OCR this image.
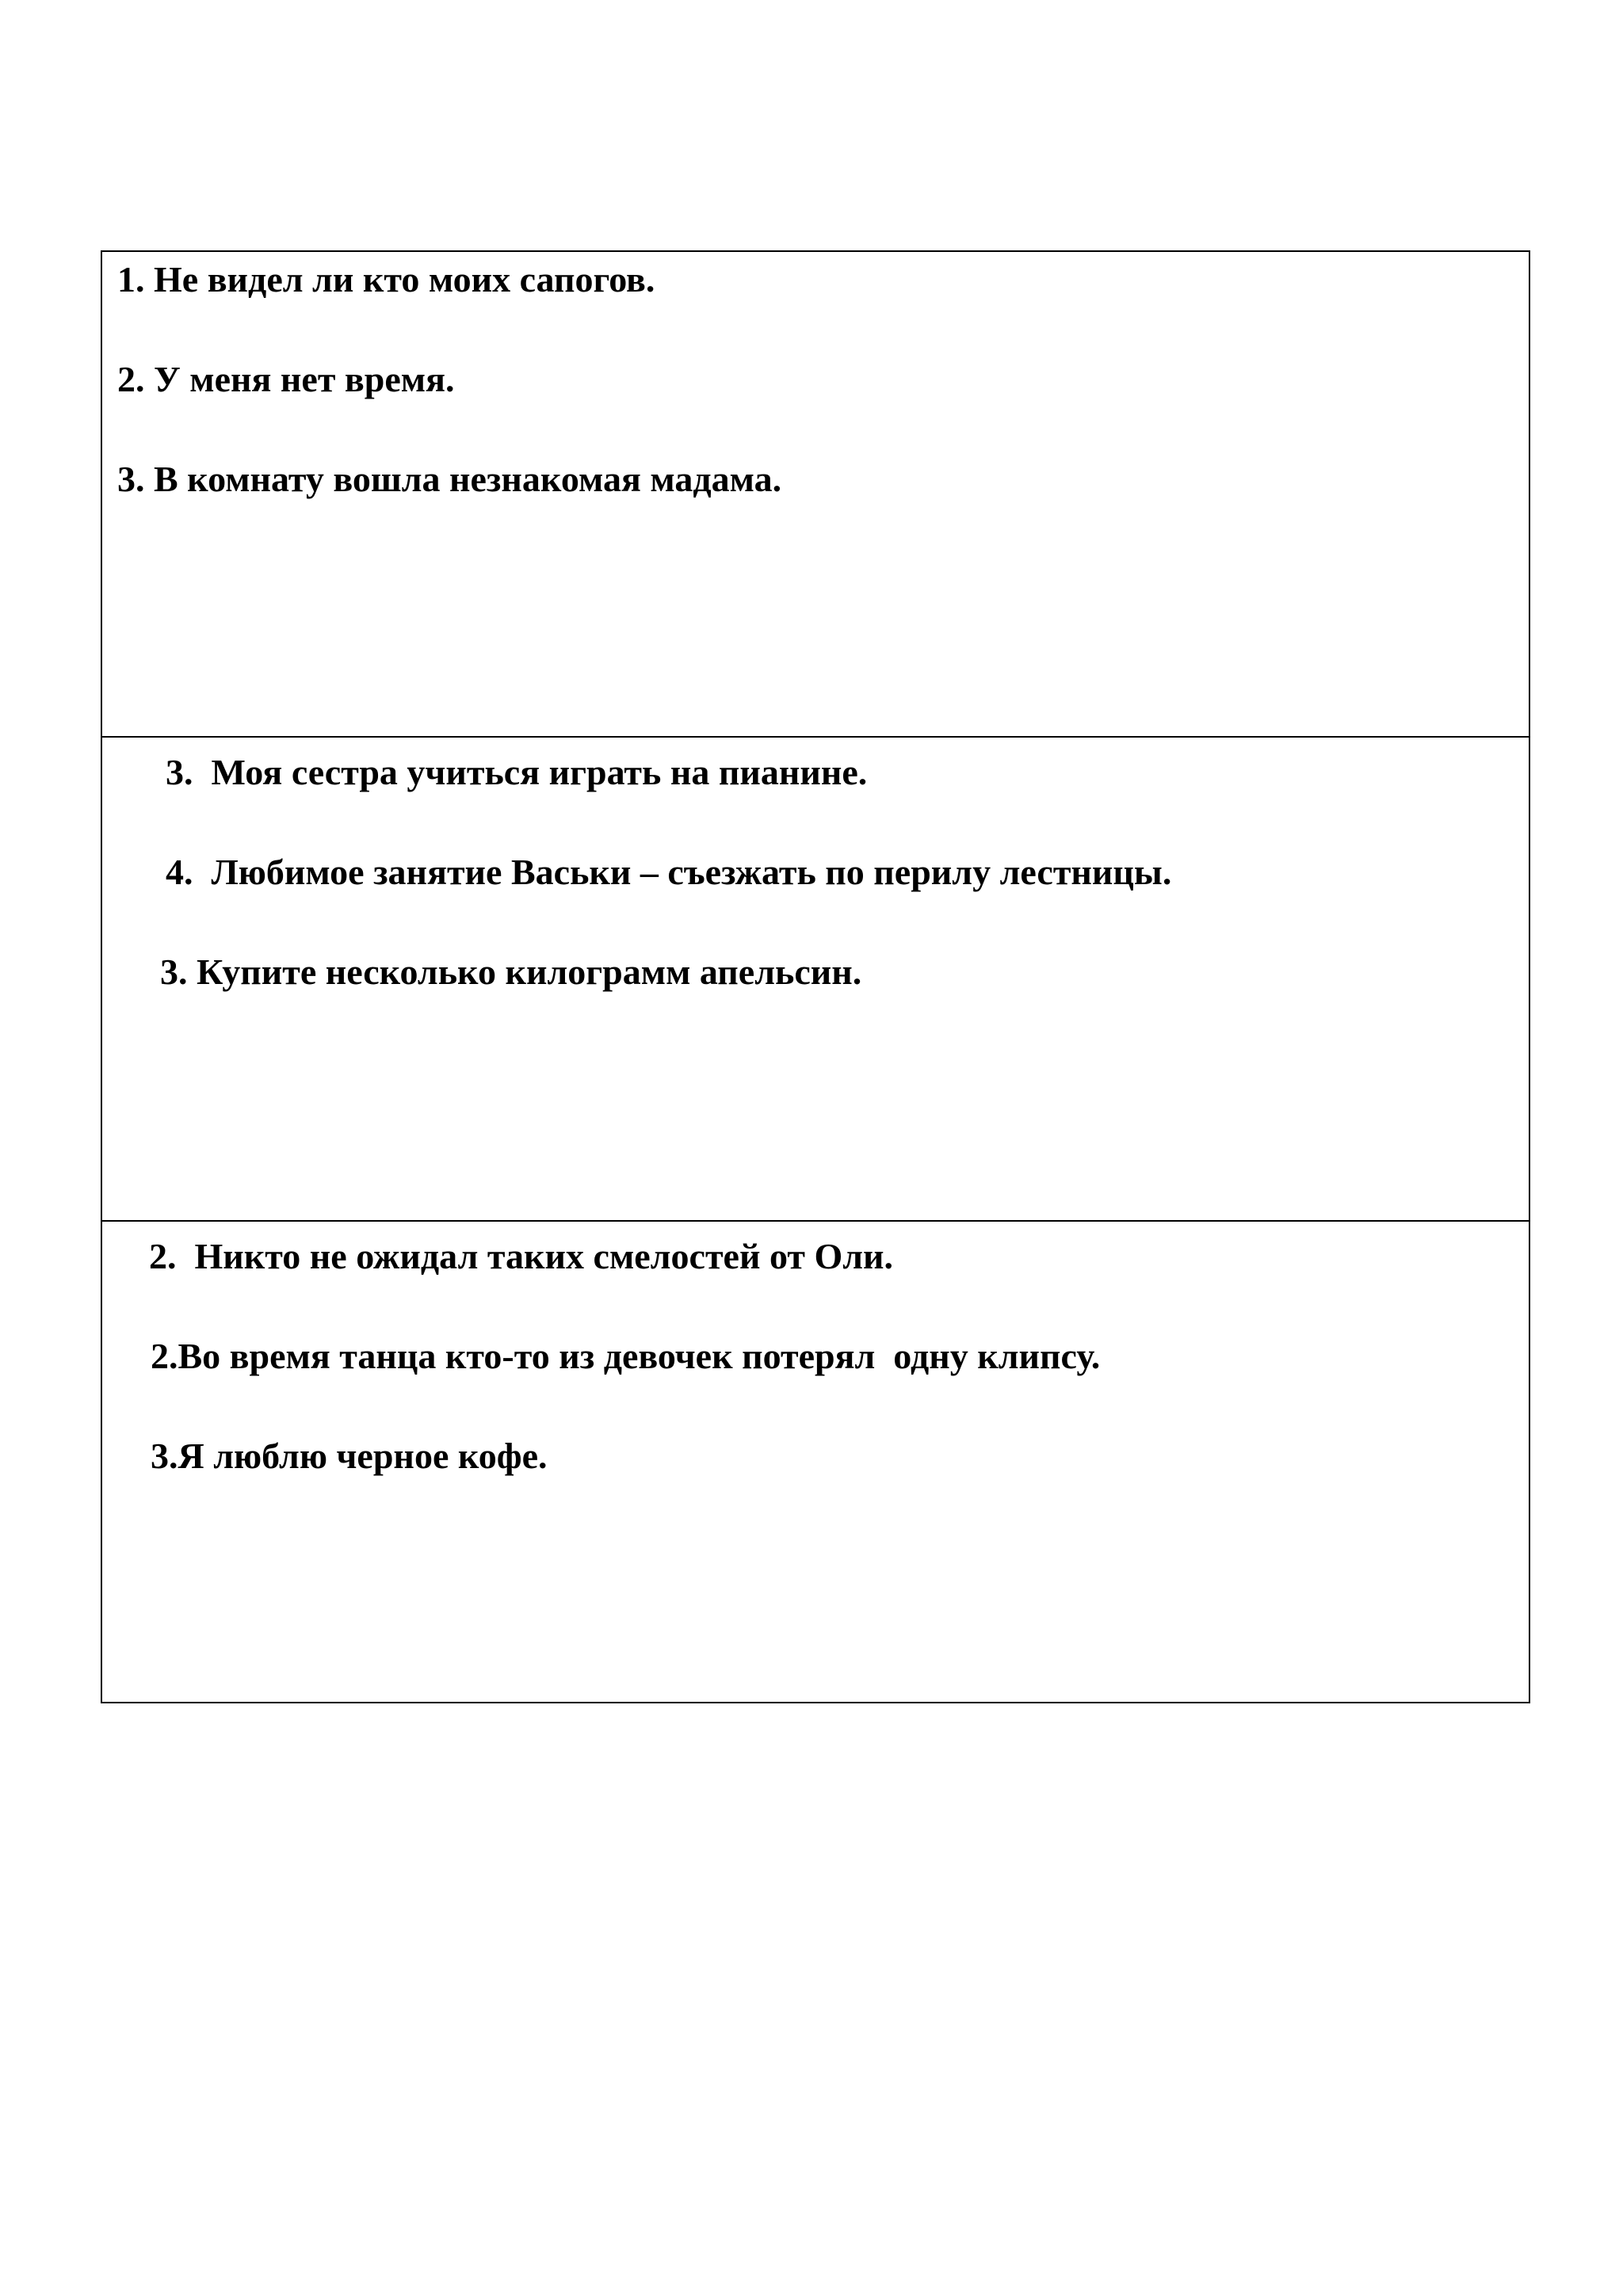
1. Не видел ли кто моих сапогов.

2. У меня нет время.

3. В комнату вошла незнакомая мадама.

3. Моя сестра учиться играть на пианине.

4. Любимое занятие Васьки – съезжать по перилу лестницы.

3. Купите несколько килограмм апельсин.

2. Никто не ожидал таких смелостей от Оли.

2.Во время танца кто-то из девочек потерял  одну клипсу.

3.Я люблю черное кофе.
